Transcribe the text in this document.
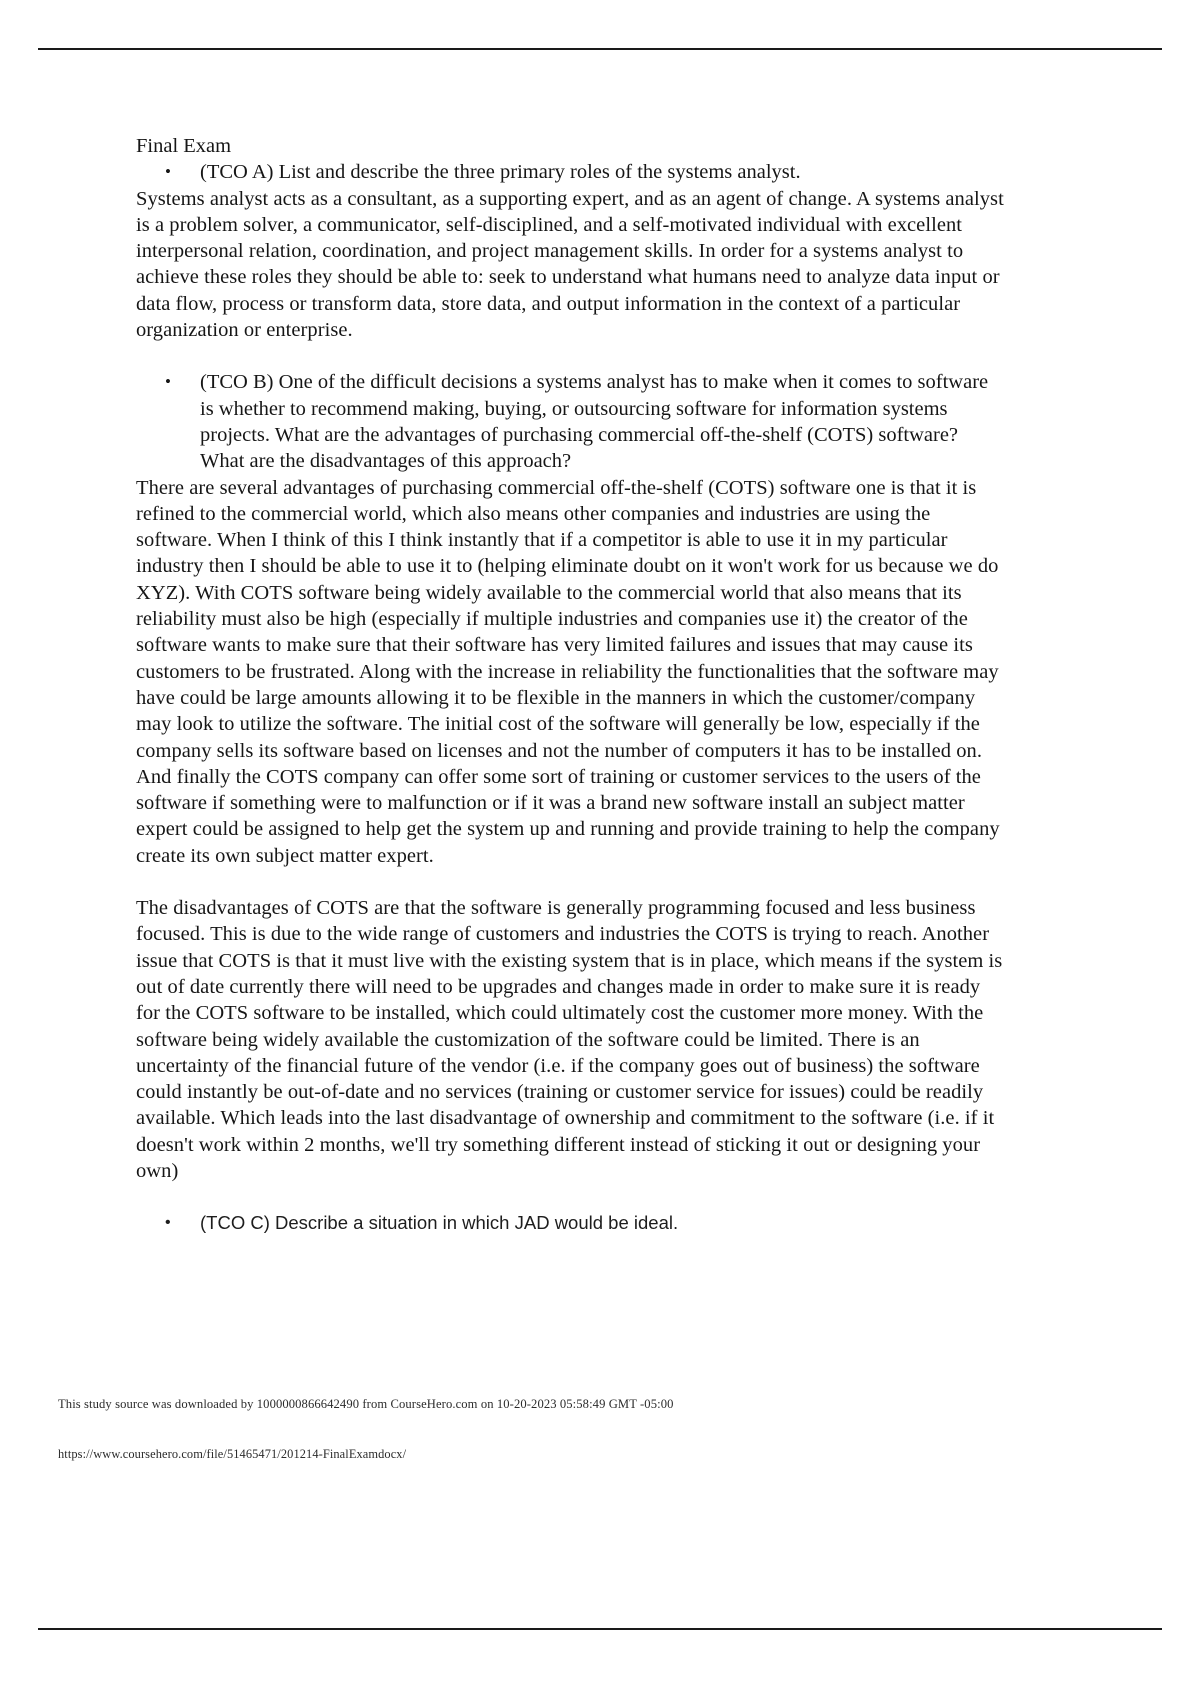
Final Exam

• (TCO A) List and describe the three primary roles of the systems analyst.

Systems analyst acts as a consultant, as a supporting expert, and as an agent of change. A systems analyst is a problem solver, a communicator, self-disciplined, and a self-motivated individual with excellent interpersonal relation, coordination, and project management skills. In order for a systems analyst to achieve these roles they should be able to: seek to understand what humans need to analyze data input or data flow, process or transform data, store data, and output information in the context of a particular organization or enterprise.

• (TCO B) One of the difficult decisions a systems analyst has to make when it comes to software is whether to recommend making, buying, or outsourcing software for information systems projects. What are the advantages of purchasing commercial off-the-shelf (COTS) software? What are the disadvantages of this approach?

There are several advantages of purchasing commercial off-the-shelf (COTS) software one is that it is refined to the commercial world, which also means other companies and industries are using the software. When I think of this I think instantly that if a competitor is able to use it in my particular industry then I should be able to use it to (helping eliminate doubt on it won't work for us because we do XYZ). With COTS software being widely available to the commercial world that also means that its reliability must also be high (especially if multiple industries and companies use it) the creator of the software wants to make sure that their software has very limited failures and issues that may cause its customers to be frustrated. Along with the increase in reliability the functionalities that the software may have could be large amounts allowing it to be flexible in the manners in which the customer/company may look to utilize the software. The initial cost of the software will generally be low, especially if the company sells its software based on licenses and not the number of computers it has to be installed on. And finally the COTS company can offer some sort of training or customer services to the users of the software if something were to malfunction or if it was a brand new software install an subject matter expert could be assigned to help get the system up and running and provide training to help the company create its own subject matter expert.

The disadvantages of COTS are that the software is generally programming focused and less business focused. This is due to the wide range of customers and industries the COTS is trying to reach. Another issue that COTS is that it must live with the existing system that is in place, which means if the system is out of date currently there will need to be upgrades and changes made in order to make sure it is ready for the COTS software to be installed, which could ultimately cost the customer more money. With the software being widely available the customization of the software could be limited. There is an uncertainty of the financial future of the vendor (i.e. if the company goes out of business) the software could instantly be out-of-date and no services (training or customer service for issues) could be readily available. Which leads into the last disadvantage of ownership and commitment to the software (i.e. if it doesn't work within 2 months, we'll try something different instead of sticking it out or designing your own)

• (TCO C) Describe a situation in which JAD would be ideal.

This study source was downloaded by 1000000866642490 from CourseHero.com on 10-20-2023 05:58:49 GMT -05:00

https://www.coursehero.com/file/51465471/201214-FinalExamdocx/
